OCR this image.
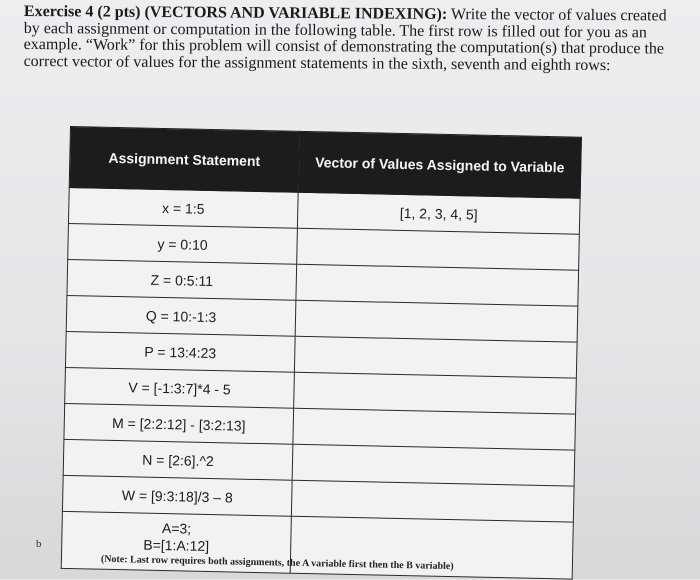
Exercise 4 (2 pts) (VECTORS AND VARIABLE INDEXING): Write the vector of values created by each assignment or computation in the following table. The first row is filled out for you as an example. “Work” for this problem will consist of demonstrating the computation(s) that produce the correct vector of values for the assignment statements in the sixth, seventh and eighth rows:
Assignment Statement	Vector of Values Assigned to Variable
x = 1:5	[1, 2, 3, 4, 5]
y = 0:10	
Z = 0:5:11	
Q = 10:-1:3	
P = 13:4:23	
V = [-1:3:7]*4 - 5	
M = [2:2:12] - [3:2:13]	
N = [2:6].^2	
W = [9:3:18]/3 – 8	

A=3;
B=[1:A:12]	

(Note: Last row requires both assignments, the A variable first then the B variable)
b
